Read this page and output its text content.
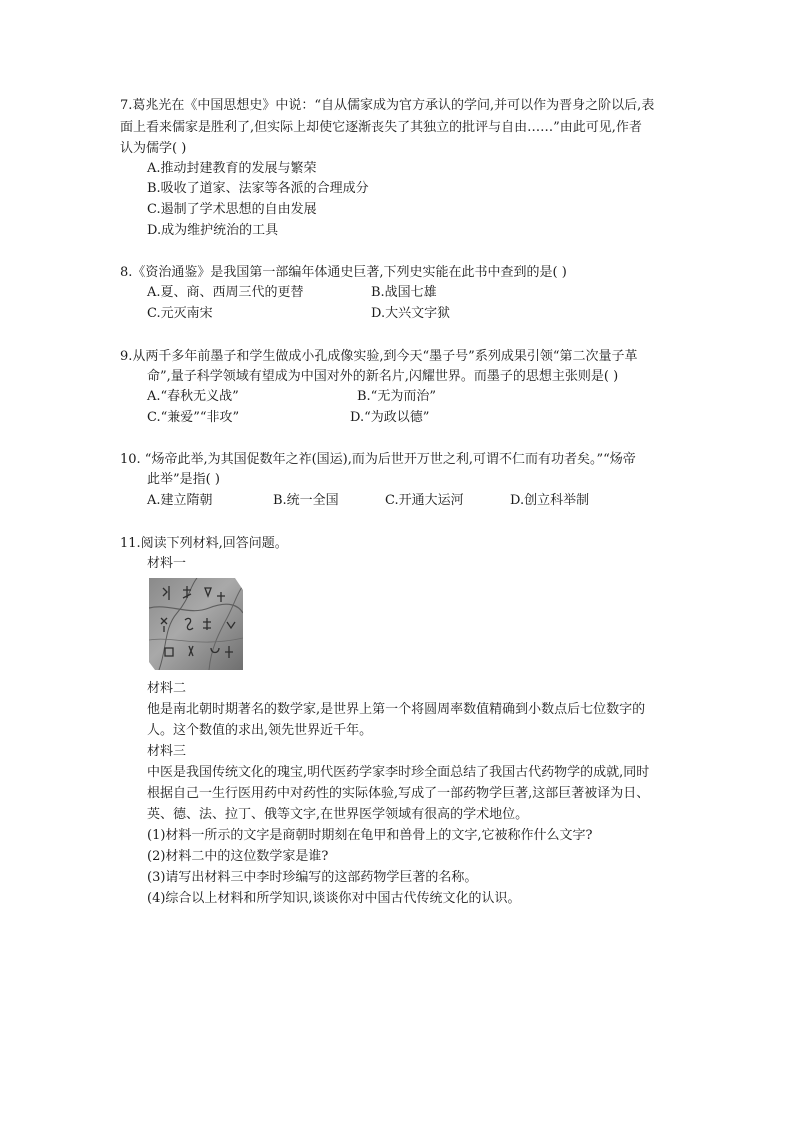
7.葛兆光在《中国思想史》中说：“自从儒家成为官方承认的学问,并可以作为晋身之阶以后,表
面上看来儒家是胜利了,但实际上却使它逐渐丧失了其独立的批评与自由……”由此可见,作者
认为儒学( )
A.推动封建教育的发展与繁荣
B.吸收了道家、法家等各派的合理成分
C.遏制了学术思想的自由发展
D.成为维护统治的工具
8.《资治通鉴》是我国第一部编年体通史巨著,下列史实能在此书中查到的是( )
A.夏、商、西周三代的更替	B.战国七雄
C.元灭南宋	D.大兴文字狱
9.从两千多年前墨子和学生做成小孔成像实验,到今天“墨子号”系列成果引领“第二次量子革
命”,量子科学领域有望成为中国对外的新名片,闪耀世界。而墨子的思想主张则是( )
A.“春秋无义战”	B.“无为而治”
C.“兼爱”“非攻”	D.“为政以德”
10. “炀帝此举,为其国促数年之祚(国运),而为后世开万世之利,可谓不仁而有功者矣。”“炀帝
此举”是指( )
A.建立隋朝	B.统一全国	C.开通大运河	D.创立科举制
11.阅读下列材料,回答问题。
材料一
材料二
他是南北朝时期著名的数学家,是世界上第一个将圆周率数值精确到小数点后七位数字的
人。这个数值的求出,领先世界近千年。
材料三
中医是我国传统文化的瑰宝,明代医药学家李时珍全面总结了我国古代药物学的成就,同时
根据自己一生行医用药中对药性的实际体验,写成了一部药物学巨著,这部巨著被译为日、
英、德、法、拉丁、俄等文字,在世界医学领域有很高的学术地位。
(1)材料一所示的文字是商朝时期刻在龟甲和兽骨上的文字,它被称作什么文字?
(2)材料二中的这位数学家是谁?
(3)请写出材料三中李时珍编写的这部药物学巨著的名称。
(4)综合以上材料和所学知识,谈谈你对中国古代传统文化的认识。
